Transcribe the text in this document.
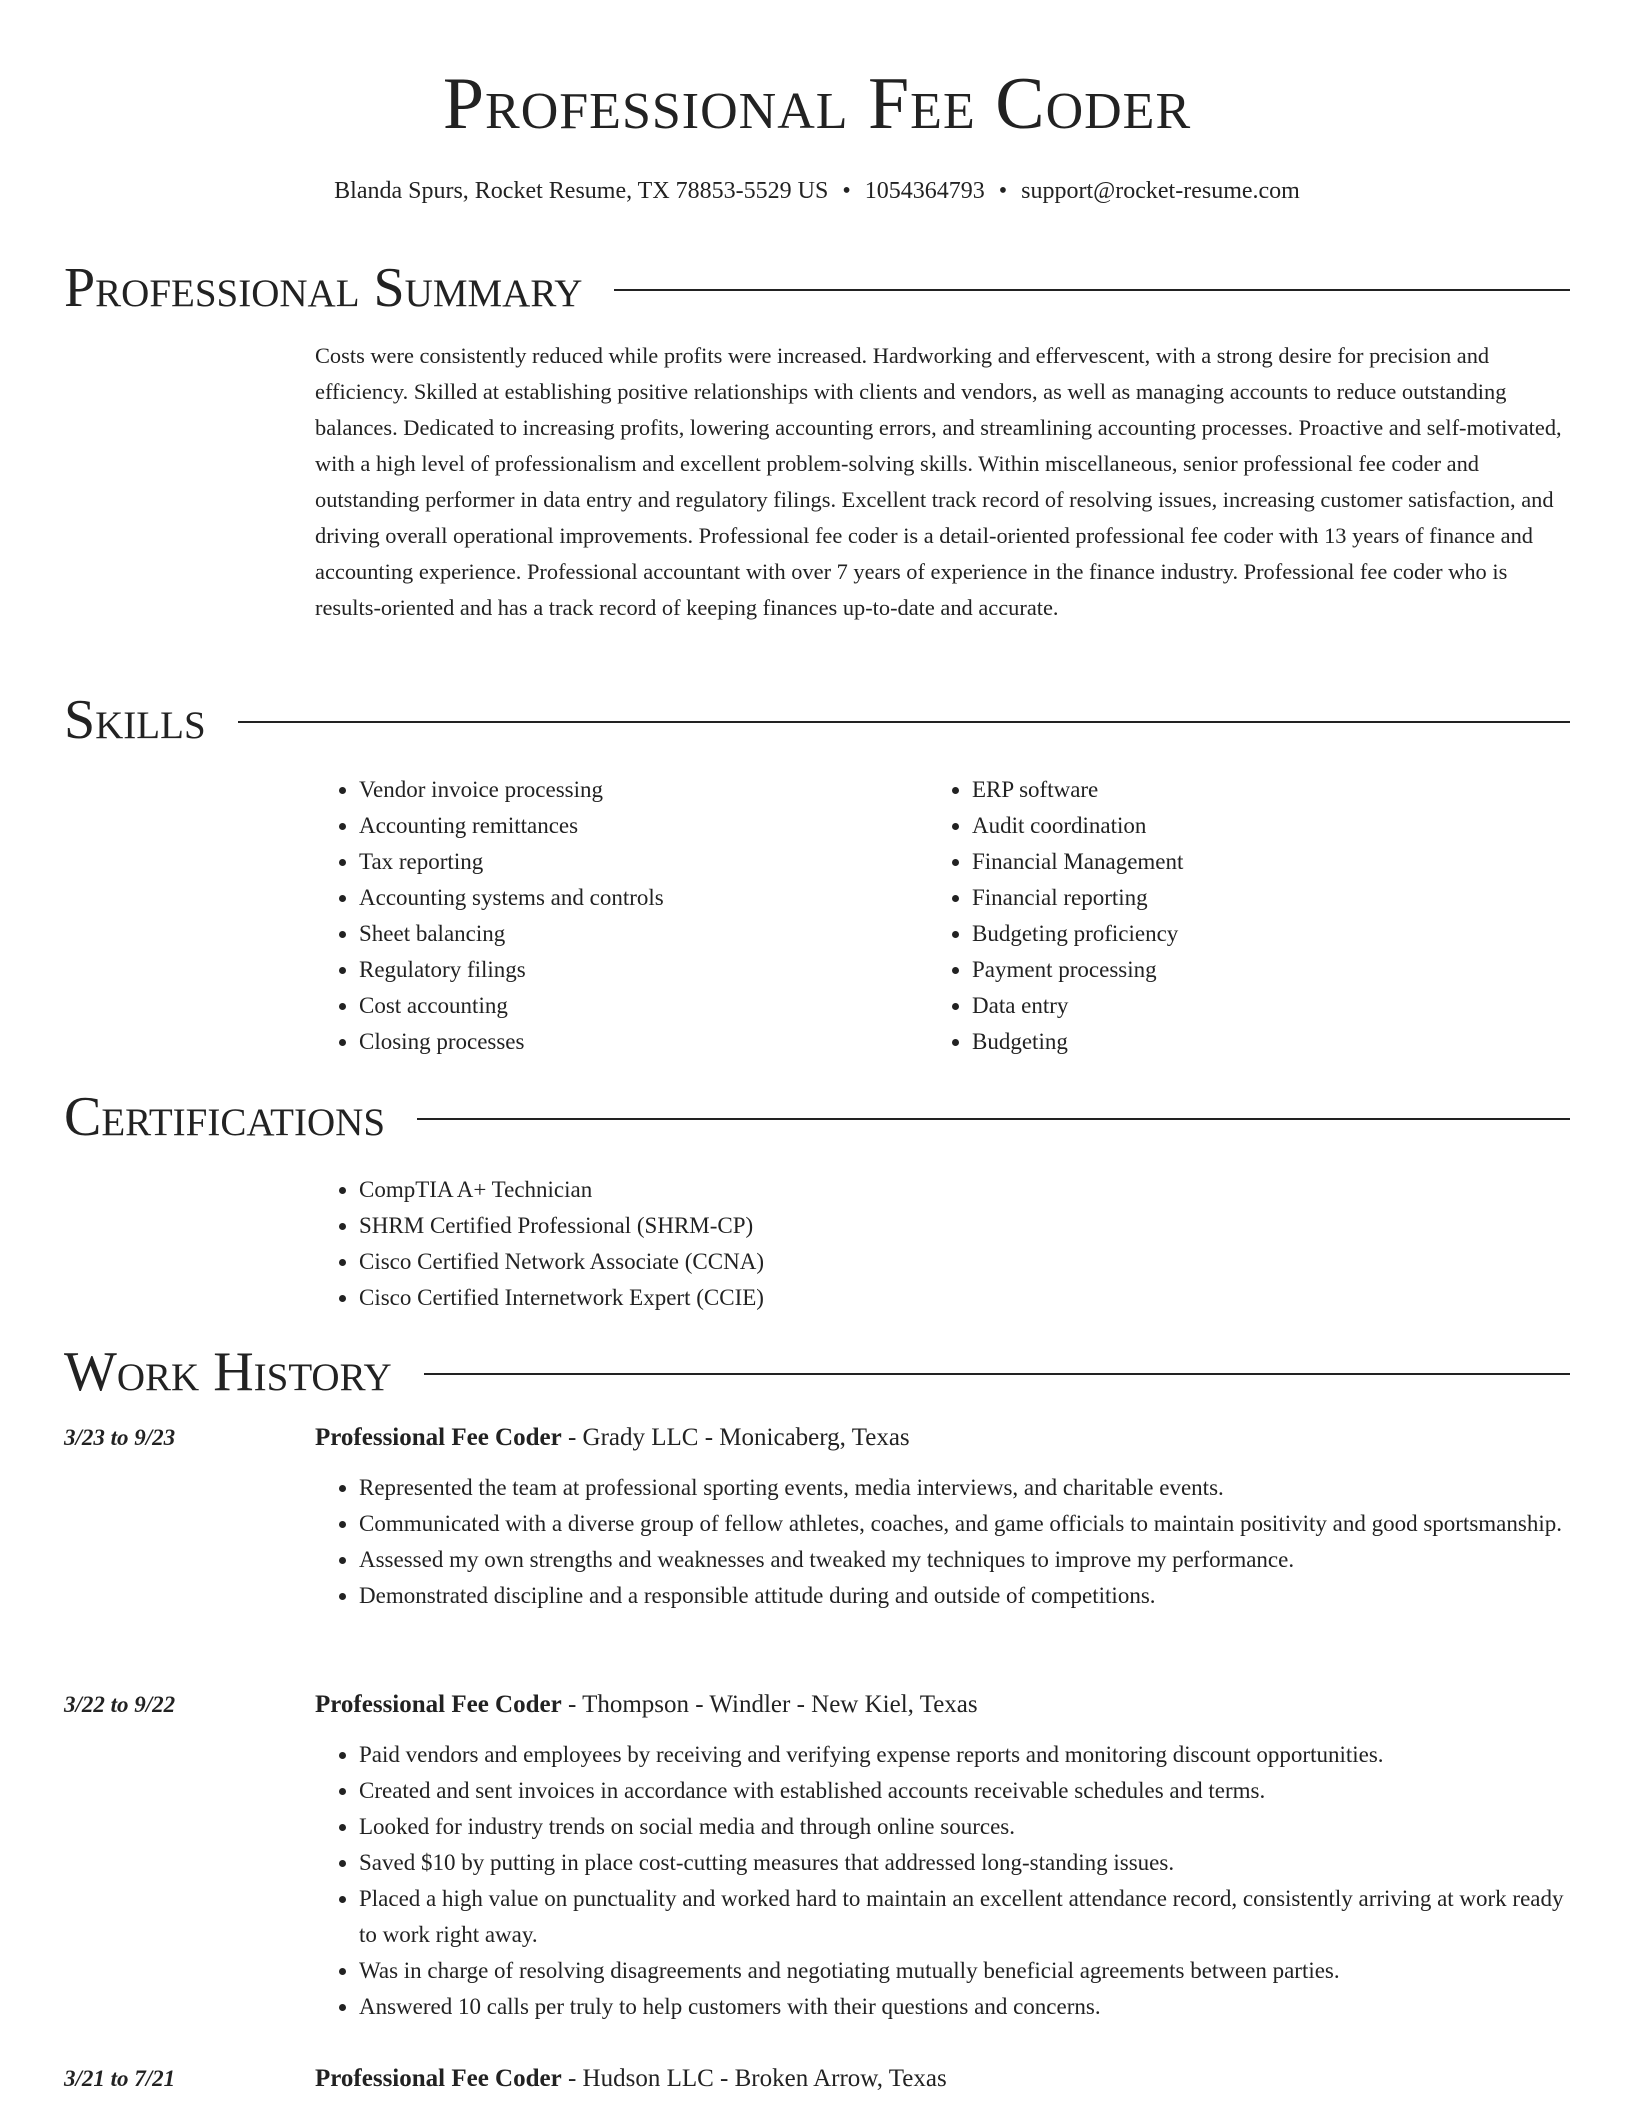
Professional Fee Coder
Blanda Spurs, Rocket Resume, TX 78853-5529 US • 1054364793 • support@rocket-resume.com
Professional Summary
Costs were consistently reduced while profits were increased. Hardworking and effervescent, with a strong desire for precision and efficiency. Skilled at establishing positive relationships with clients and vendors, as well as managing accounts to reduce outstanding balances. Dedicated to increasing profits, lowering accounting errors, and streamlining accounting processes. Proactive and self-motivated, with a high level of professionalism and excellent problem-solving skills. Within miscellaneous, senior professional fee coder and outstanding performer in data entry and regulatory filings. Excellent track record of resolving issues, increasing customer satisfaction, and driving overall operational improvements. Professional fee coder is a detail-oriented professional fee coder with 13 years of finance and accounting experience. Professional accountant with over 7 years of experience in the finance industry. Professional fee coder who is results-oriented and has a track record of keeping finances up-to-date and accurate.
Skills
• Vendor invoice processing
• Accounting remittances
• Tax reporting
• Accounting systems and controls
• Sheet balancing
• Regulatory filings
• Cost accounting
• Closing processes
• ERP software
• Audit coordination
• Financial Management
• Financial reporting
• Budgeting proficiency
• Payment processing
• Data entry
• Budgeting
Certifications
• CompTIA A+ Technician
• SHRM Certified Professional (SHRM-CP)
• Cisco Certified Network Associate (CCNA)
• Cisco Certified Internetwork Expert (CCIE)
Work History
3/23 to 9/23	Professional Fee Coder - Grady LLC - Monicaberg, Texas
• Represented the team at professional sporting events, media interviews, and charitable events.
• Communicated with a diverse group of fellow athletes, coaches, and game officials to maintain positivity and good sportsmanship.
• Assessed my own strengths and weaknesses and tweaked my techniques to improve my performance.
• Demonstrated discipline and a responsible attitude during and outside of competitions.
3/22 to 9/22	Professional Fee Coder - Thompson - Windler - New Kiel, Texas
• Paid vendors and employees by receiving and verifying expense reports and monitoring discount opportunities.
• Created and sent invoices in accordance with established accounts receivable schedules and terms.
• Looked for industry trends on social media and through online sources.
• Saved $10 by putting in place cost-cutting measures that addressed long-standing issues.
• Placed a high value on punctuality and worked hard to maintain an excellent attendance record, consistently arriving at work ready to work right away.
• Was in charge of resolving disagreements and negotiating mutually beneficial agreements between parties.
• Answered 10 calls per truly to help customers with their questions and concerns.
3/21 to 7/21	Professional Fee Coder - Hudson LLC - Broken Arrow, Texas
